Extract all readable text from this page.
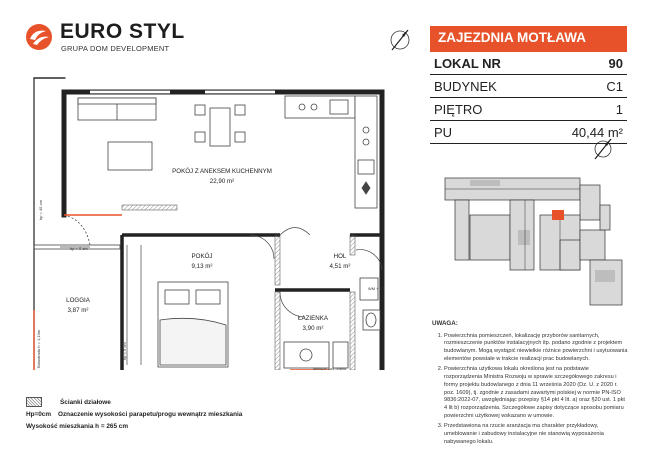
EURO STYL
GRUPA DOM DEVELOPMENT
POKÓJ Z ANEKSEM KUCHENNYM
22,90 m²
POKÓJ
9,13 m²
HOL
4,51 m²
ŁAZIENKA
3,90 m²
LOGGIA
3,87 m²
hp = 45 cm
hp = 0 cm
Balustrada h = 1,10m	hp = 9 cm
Miejsce pod pralkę
WM + TT
ZAJEZDNIA MOTŁAWA
LOKAL NR	90
BUDYNEK	C1
PIĘTRO	1
PU	40,44 m²
UWAGA:
1. Powierzchnia pomieszczeń, lokalizację przyborów sanitarnych, rozmieszczenie punktów instalacyjnych itp. podano zgodnie z projektem budowlanym. Mogą wystąpić niewielkie różnice powierzchni i usytuowania elementów powstałe w trakcie realizacji prac budowlanych.
2. Powierzchnia użytkowa lokalu określona jest na podstawie rozporządzenia Ministra Rozwoju w sprawie szczegółowego zakresu i formy projektu budowlanego z dnia 11 września 2020 (Dz. U. z 2020 r. poz. 1609), tj. zgodnie z zasadami zawartymi polskiej w normie PN-ISO 9836:2022-07, uwzględniając przepisy §14 pkt 4 lit. a) oraz §20 ust. 1 pkt 4 lit b) rozporządzenia. Szczegółowe zapisy dotyczące sposobu pomiaru powierzchni użytkowej wskazano w umowie.
3. Przedstawiona na rzucie aranżacja ma charakter przykładowy, umeblowanie i zabudowy instalacyjne nie stanowią wyposażenia nabywanego lokalu.
Ścianki działowe
Hp=0cm	Oznaczenie wysokości parapetu/progu wewnątrz mieszkania
Wysokość mieszkania h = 265 cm
